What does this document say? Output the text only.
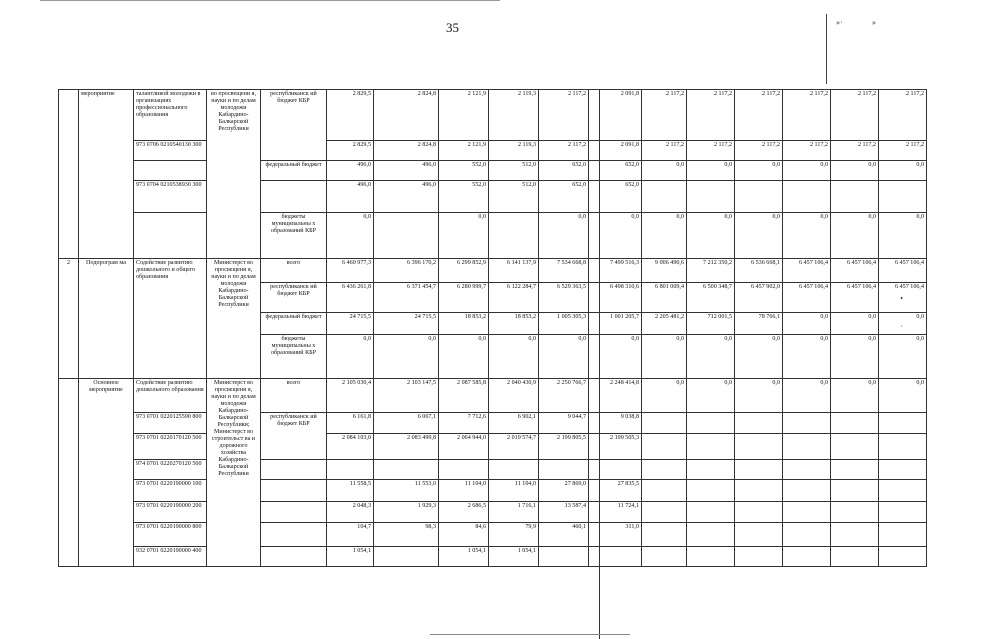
35	»·	»
•
·
	мероприятие	талантливой молодежи в организациях профессионального образования	во просвещени я, науки и по делам молодежи Кабардино-Балкарской Республики	республиканск ий бюджет КБР	2 829,5	2 824,8	2 121,9	2 119,3	2 117,2	2 091,8	2 117,2	2 117,2	2 117,2	2 117,2	2 117,2	2 117,2
		973 0706 0210540130 300			2 829,5	2 824,8	2 121,9	2 119,3	2 117,2	2 091,8	2 117,2	2 117,2	2 117,2	2 117,2	2 117,2	2 117,2
				федеральный бюджет	496,0	496,0	552,0	512,0	652,0	652,0	0,0	0,0	0,0	0,0	0,0	0,0
		973 0704 0210538930 300			496,0	496,0	552,0	512,0	652,0	652,0						
				бюджеты муниципальны х образований КБР	0,0		0,0		0,0	0,0	0,0	0,0	0,0	0,0	0,0	0,0
2	Подпрограм ма	Содействие развитию дошкольного и общего образования	Министерст во просвещени я, науки и по делам молодежи Кабардино-Балкарской Республики	всего	6 460 977,3	6 396 170,2	6 299 852,9	6 141 137,9	7 534 668,8	7 499 516,3	9 006 490,6	7 212 350,2	6 536 668,1	6 457 106,4	6 457 106,4	6 457 106,4
				республиканск ий бюджет КБР	6 436 261,8	6 371 454,7	6 280 999,7	6 122 284,7	6 529 363,5	6 498 310,6	6 801 009,4	6 500 348,7	6 457 902,0	6 457 106,4	6 457 106,4	6 457 106,4
				федеральный бюджет	24 715,5	24 715,5	18 853,2	18 853,2	1 005 305,3	1 001 205,7	2 205 481,2	712 001,5	78 766,1	0,0	0,0	0,0
				бюджеты муниципальны х образований КБР	0,0	0,0	0,0	0,0	0,0	0,0	0,0	0,0	0,0	0,0	0,0	0,0
	Основное мероприятие	Содействие развитию дошкольного образования	Министерст во просвещени я, науки и по делам молодежи Кабардино-Балкарской Республики; Министерст во строительст ва и дорожного хозяйства Кабардино-Балкарской Республики	всего	2 105 030,4	2 103 147,5	2 087 585,8	2 040 430,9	2 250 766,7	2 248 414,8	0,0	0,0	0,0	0,0	0,0	0,0
		973 0701 0220125590 800		республиканск ий бюджет КБР	6 161,8	6 067,1	7 712,6	6 902,1	9 044,7	9 038,8						
		973 0701 0220170120 500			2 084 103,0	2 083 499,8	2 064 944,0	2 019 574,7	2 199 805,5	2 199 505,3						
		974 0701 0220270120 500														
		973 0701 0220190000 100			11 558,5	11 553,0	11 104,0	11 104,0	27 869,0	27 835,5						
		973 0701 0220190000 200			2 048,3	1 929,3	2 686,5	1 716,1	13 587,4	11 724,1						
		973 0701 0220190000 800			104,7	98,3	84,6	79,9	460,1	311,0						
		932 0701 0220190000 400			1 054,1		1 054,1	1 054,1								
